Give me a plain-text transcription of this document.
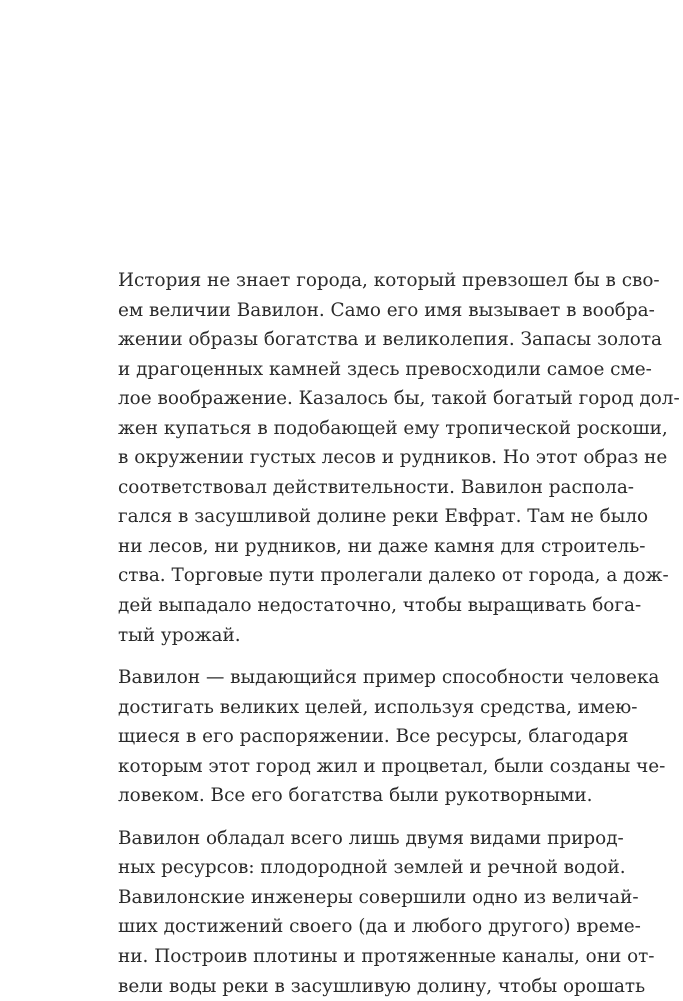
История не знает города, который превзошел бы в сво-
ем величии Вавилон. Само его имя вызывает в вообра-
жении образы богатства и великолепия. Запасы золота
и драгоценных камней здесь превосходили самое сме-
лое воображение. Казалось бы, такой богатый город дол-
жен купаться в подобающей ему тропической роскоши,
в окружении густых лесов и рудников. Но этот образ не
соответствовал действительности. Вавилон распола-
гался в засушливой долине реки Евфрат. Там не было
ни лесов, ни рудников, ни даже камня для строитель-
ства. Торговые пути пролегали далеко от города, а дож-
дей выпадало недостаточно, чтобы выращивать бога-
тый урожай.
Вавилон — выдающийся пример способности человека
достигать великих целей, используя средства, имею-
щиеся в его распоряжении. Все ресурсы, благодаря
которым этот город жил и процветал, были созданы че-
ловеком. Все его богатства были рукотворными.
Вавилон обладал всего лишь двумя видами природ-
ных ресурсов: плодородной землей и речной водой.
Вавилонские инженеры совершили одно из величай-
ших достижений своего (да и любого другого) време-
ни. Построив плотины и протяженные каналы, они от-
вели воды реки в засушливую долину, чтобы орошать
